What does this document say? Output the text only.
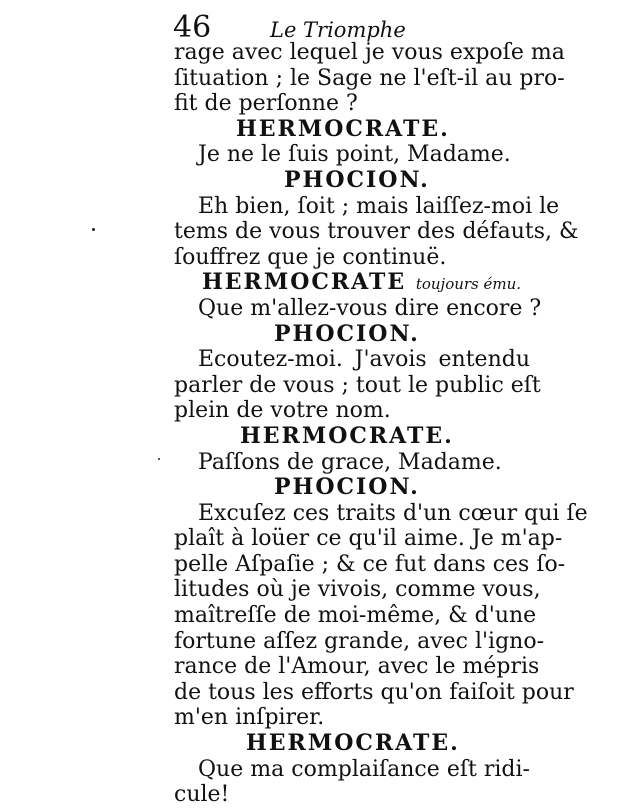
46	Le Triomphe
rage avec lequel je vous expoſe ma
ſituation ; le Sage ne l'eſt-il au pro-
fit de perſonne ?
HERMOCRATE.
Je ne le ſuis point, Madame.
PHOCION.
Eh bien, ſoit ; mais laiſſez-moi le
tems de vous trouver des défauts, &
ſouffrez que je continuë.
HERMOCRATE toujours ému.
Que m'allez-vous dire encore ?
PHOCION.
Ecoutez-moi. J'avois entendu
parler de vous ; tout le public eſt
plein de votre nom.
HERMOCRATE.
Paſſons de grace, Madame.
PHOCION.
Excuſez ces traits d'un cœur qui ſe
plaît à loüer ce qu'il aime. Je m'ap-
pelle Aſpaſie ; & ce fut dans ces ſo-
litudes où je vivois, comme vous,
maîtreſſe de moi-même, & d'une
fortune aſſez grande, avec l'igno-
rance de l'Amour, avec le mépris
de tous les efforts qu'on faiſoit pour
m'en inſpirer.
HERMOCRATE.
Que ma complaiſance eſt ridi-
cule!
